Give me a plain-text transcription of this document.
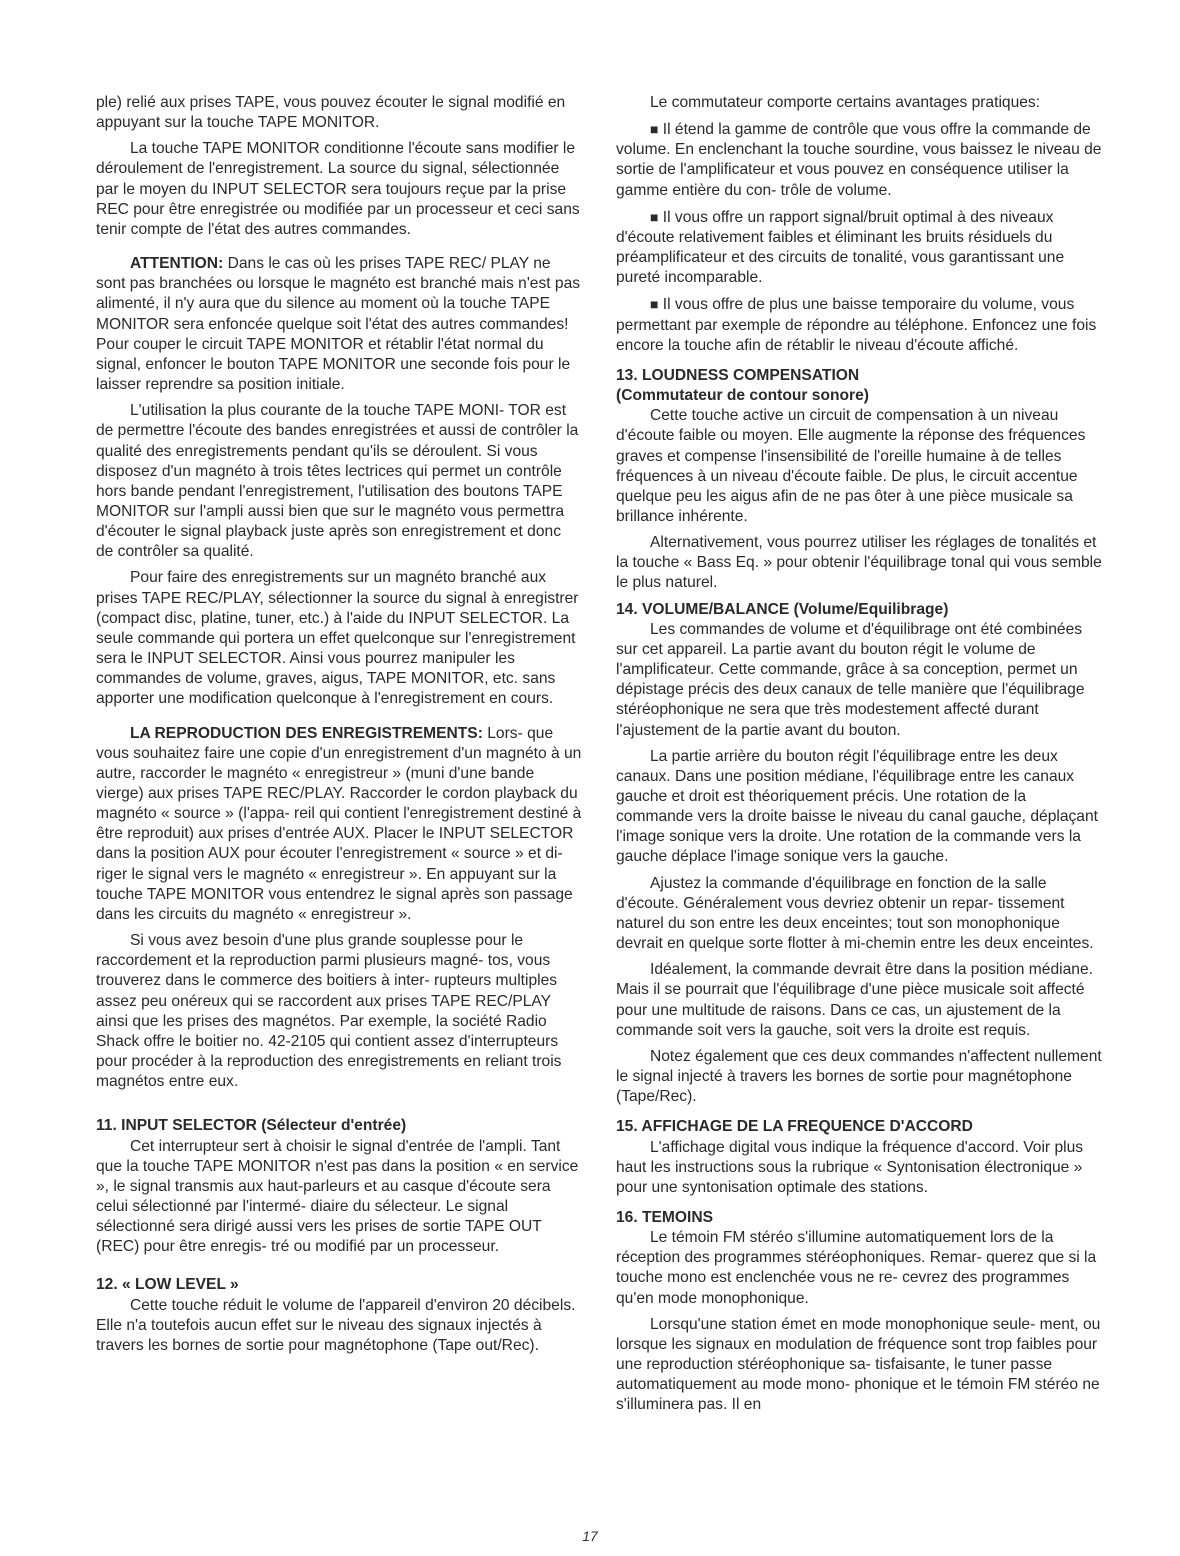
ple) relié aux prises TAPE, vous pouvez écouter le signal modifié en appuyant sur la touche TAPE MONITOR.

La touche TAPE MONITOR conditionne l'écoute sans modifier le déroulement de l'enregistrement. La source du signal, sélectionnée par le moyen du INPUT SELECTOR sera toujours reçue par la prise REC pour être enregistrée ou modifiée par un processeur et ceci sans tenir compte de l'état des autres commandes.

ATTENTION: Dans le cas où les prises TAPE REC/ PLAY ne sont pas branchées ou lorsque le magnéto est branché mais n'est pas alimenté, il n'y aura que du silence au moment où la touche TAPE MONITOR sera enfoncée quelque soit l'état des autres commandes! Pour couper le circuit TAPE MONITOR et rétablir l'état normal du signal, enfoncer le bouton TAPE MONITOR une seconde fois pour le laisser reprendre sa position initiale.

L'utilisation la plus courante de la touche TAPE MONI- TOR est de permettre l'écoute des bandes enregistrées et aussi de contrôler la qualité des enregistrements pendant qu'ils se déroulent. Si vous disposez d'un magnéto à trois têtes lectrices qui permet un contrôle hors bande pendant l'enregistrement, l'utilisation des boutons TAPE MONITOR sur l'ampli aussi bien que sur le magnéto vous permettra d'écouter le signal playback juste après son enregistrement et donc de contrôler sa qualité.

Pour faire des enregistrements sur un magnéto branché aux prises TAPE REC/PLAY, sélectionner la source du signal à enregistrer (compact disc, platine, tuner, etc.) à l'aide du INPUT SELECTOR. La seule commande qui portera un effet quelconque sur l'enregistrement sera le INPUT SELECTOR. Ainsi vous pourrez manipuler les commandes de volume, graves, aigus, TAPE MONITOR, etc. sans apporter une modification quelconque à l'enregistrement en cours.

LA REPRODUCTION DES ENREGISTREMENTS: Lors- que vous souhaitez faire une copie d'un enregistrement d'un magnéto à un autre, raccorder le magnéto « enregistreur » (muni d'une bande vierge) aux prises TAPE REC/PLAY. Raccorder le cordon playback du magnéto « source » (l'appa- reil qui contient l'enregistrement destiné à être reproduit) aux prises d'entrée AUX. Placer le INPUT SELECTOR dans la position AUX pour écouter l'enregistrement « source » et di- riger le signal vers le magnéto « enregistreur ». En appuyant sur la touche TAPE MONITOR vous entendrez le signal après son passage dans les circuits du magnéto « enregistreur ».

Si vous avez besoin d'une plus grande souplesse pour le raccordement et la reproduction parmi plusieurs magné- tos, vous trouverez dans le commerce des boitiers à inter- rupteurs multiples assez peu onéreux qui se raccordent aux prises TAPE REC/PLAY ainsi que les prises des magnétos. Par exemple, la société Radio Shack offre le boitier no. 42-2105 qui contient assez d'interrupteurs pour procéder à la reproduction des enregistrements en reliant trois magnétos entre eux.

11. INPUT SELECTOR (Sélecteur d'entrée)

Cet interrupteur sert à choisir le signal d'entrée de l'ampli. Tant que la touche TAPE MONITOR n'est pas dans la position « en service », le signal transmis aux haut-parleurs et au casque d'écoute sera celui sélectionné par l'intermé- diaire du sélecteur. Le signal sélectionné sera dirigé aussi vers les prises de sortie TAPE OUT (REC) pour être enregis- tré ou modifié par un processeur.

12. « LOW LEVEL »

Cette touche réduit le volume de l'appareil d'environ 20 décibels. Elle n'a toutefois aucun effet sur le niveau des signaux injectés à travers les bornes de sortie pour magnétophone (Tape out/Rec).

Le commutateur comporte certains avantages pratiques:

■ Il étend la gamme de contrôle que vous offre la commande de volume. En enclenchant la touche sourdine, vous baissez le niveau de sortie de l'amplificateur et vous pouvez en conséquence utiliser la gamme entière du con- trôle de volume.

■ Il vous offre un rapport signal/bruit optimal à des niveaux d'écoute relativement faibles et éliminant les bruits résiduels du préamplificateur et des circuits de tonalité, vous garantissant une pureté incomparable.

■ Il vous offre de plus une baisse temporaire du volume, vous permettant par exemple de répondre au téléphone. Enfoncez une fois encore la touche afin de rétablir le niveau d'écoute affiché.

13. LOUDNESS COMPENSATION
(Commutateur de contour sonore)

Cette touche active un circuit de compensation à un niveau d'écoute faible ou moyen. Elle augmente la réponse des fréquences graves et compense l'insensibilité de l'oreille humaine à de telles fréquences à un niveau d'écoute faible. De plus, le circuit accentue quelque peu les aigus afin de ne pas ôter à une pièce musicale sa brillance inhérente.

Alternativement, vous pourrez utiliser les réglages de tonalités et la touche « Bass Eq. » pour obtenir l'équilibrage tonal qui vous semble le plus naturel.

14. VOLUME/BALANCE (Volume/Equilibrage)

Les commandes de volume et d'équilibrage ont été combinées sur cet appareil. La partie avant du bouton régit le volume de l'amplificateur. Cette commande, grâce à sa conception, permet un dépistage précis des deux canaux de telle manière que l'équilibrage stéréophonique ne sera que très modestement affecté durant l'ajustement de la partie avant du bouton.

La partie arrière du bouton régit l'équilibrage entre les deux canaux. Dans une position médiane, l'équilibrage entre les canaux gauche et droit est théoriquement précis. Une rotation de la commande vers la droite baisse le niveau du canal gauche, déplaçant l'image sonique vers la droite. Une rotation de la commande vers la gauche déplace l'image sonique vers la gauche.

Ajustez la commande d'équilibrage en fonction de la salle d'écoute. Généralement vous devriez obtenir un repar- tissement naturel du son entre les deux enceintes; tout son monophonique devrait en quelque sorte flotter à mi-chemin entre les deux enceintes.

Idéalement, la commande devrait être dans la position médiane. Mais il se pourrait que l'équilibrage d'une pièce musicale soit affecté pour une multitude de raisons. Dans ce cas, un ajustement de la commande soit vers la gauche, soit vers la droite est requis.

Notez également que ces deux commandes n'affectent nullement le signal injecté à travers les bornes de sortie pour magnétophone (Tape/Rec).

15. AFFICHAGE DE LA FREQUENCE D'ACCORD

L'affichage digital vous indique la fréquence d'accord. Voir plus haut les instructions sous la rubrique « Syntonisation électronique » pour une syntonisation optimale des stations.

16. TEMOINS

Le témoin FM stéréo s'illumine automatiquement lors de la réception des programmes stéréophoniques. Remar- querez que si la touche mono est enclenchée vous ne re- cevrez des programmes qu'en mode monophonique.

Lorsqu'une station émet en mode monophonique seule- ment, ou lorsque les signaux en modulation de fréquence sont trop faibles pour une reproduction stéréophonique sa- tisfaisante, le tuner passe automatiquement au mode mono- phonique et le témoin FM stéréo ne s'illuminera pas. Il en

17
